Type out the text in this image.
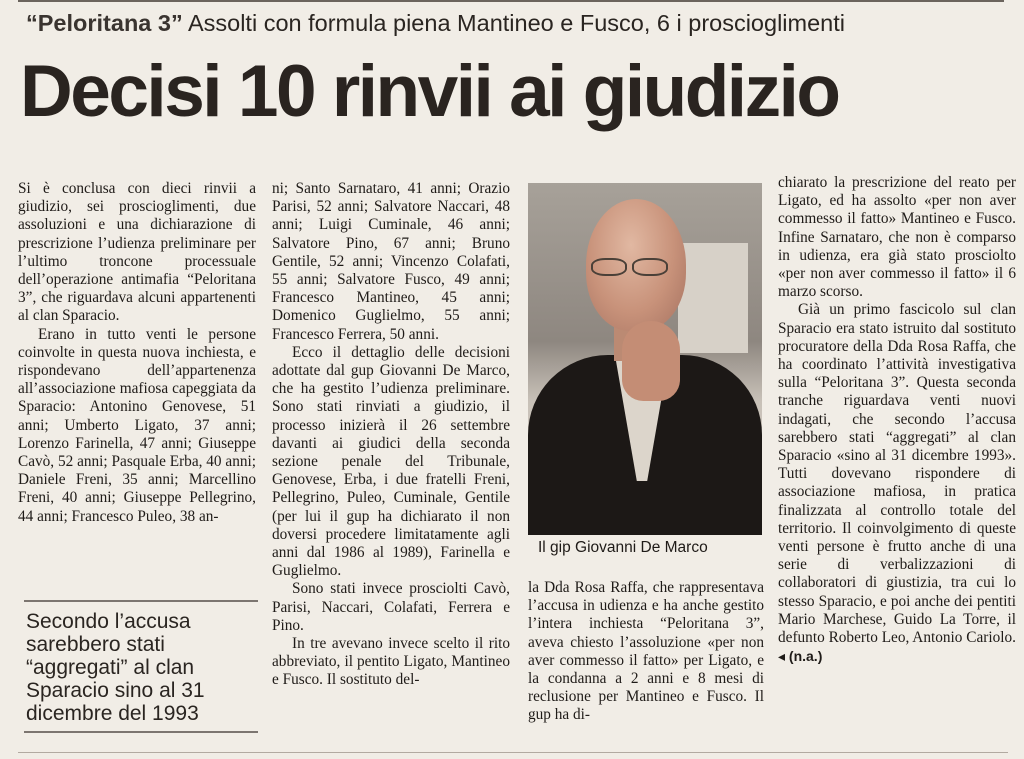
“Peloritana 3” Assolti con formula piena Mantineo e Fusco, 6 i proscioglimenti
Decisi 10 rinvii ai giudizio

Si è conclusa con dieci rinvii a giudizio, sei proscioglimenti, due assoluzioni e una dichiarazione di prescrizione l’udienza preliminare per l’ultimo troncone processuale dell’operazione antimafia “Peloritana 3”, che riguardava alcuni appartenenti al clan Sparacio.

Erano in tutto venti le persone coinvolte in questa nuova inchiesta, e rispondevano dell’appartenenza all’associazione mafiosa capeggiata da Sparacio: Antonino Genovese, 51 anni; Umberto Ligato, 37 anni; Lorenzo Farinella, 47 anni; Giuseppe Cavò, 52 anni; Pasquale Erba, 40 anni; Daniele Freni, 35 anni; Marcellino Freni, 40 anni; Giuseppe Pellegrino, 44 anni; Francesco Puleo, 38 an-

Secondo l’accusa sarebbero stati “aggregati” al clan Sparacio sino al 31 dicembre del 1993

ni; Santo Sarnataro, 41 anni; Orazio Parisi, 52 anni; Salvatore Naccari, 48 anni; Luigi Cuminale, 46 anni; Salvatore Pino, 67 anni; Bruno Gentile, 52 anni; Vincenzo Colafati, 55 anni; Salvatore Fusco, 49 anni; Francesco Mantineo, 45 anni; Domenico Guglielmo, 55 anni; Francesco Ferrera, 50 anni.

Ecco il dettaglio delle decisioni adottate dal gup Giovanni De Marco, che ha gestito l’udienza preliminare. Sono stati rinviati a giudizio, il processo inizierà il 26 settembre davanti ai giudici della seconda sezione penale del Tribunale, Genovese, Erba, i due fratelli Freni, Pellegrino, Puleo, Cuminale, Gentile (per lui il gup ha dichiarato il non doversi procedere limitatamente agli anni dal 1986 al 1989), Farinella e Guglielmo.

Sono stati invece prosciolti Cavò, Parisi, Naccari, Colafati, Ferrera e Pino.

In tre avevano invece scelto il rito abbreviato, il pentito Ligato, Mantineo e Fusco. Il sostituto del-

Il gip Giovanni De Marco

la Dda Rosa Raffa, che rappresentava l’accusa in udienza e ha anche gestito l’intera inchiesta “Peloritana 3”, aveva chiesto l’assoluzione «per non aver commesso il fatto» per Ligato, e la condanna a 2 anni e 8 mesi di reclusione per Mantineo e Fusco. Il gup ha di-

chiarato la prescrizione del reato per Ligato, ed ha assolto «per non aver commesso il fatto» Mantineo e Fusco. Infine Sarnataro, che non è comparso in udienza, era già stato prosciolto «per non aver commesso il fatto» il 6 marzo scorso.

Già un primo fascicolo sul clan Sparacio era stato istruito dal sostituto procuratore della Dda Rosa Raffa, che ha coordinato l’attività investigativa sulla “Peloritana 3”. Questa seconda tranche riguardava venti nuovi indagati, che secondo l’accusa sarebbero stati “aggregati” al clan Sparacio «sino al 31 dicembre 1993». Tutti dovevano rispondere di associazione mafiosa, in pratica finalizzata al controllo totale del territorio. Il coinvolgimento di queste venti persone è frutto anche di una serie di verbalizzazioni di collaboratori di giustizia, tra cui lo stesso Sparacio, e poi anche dei pentiti Mario Marchese, Guido La Torre, il defunto Roberto Leo, Antonio Cariolo. ◂ (n.a.)
